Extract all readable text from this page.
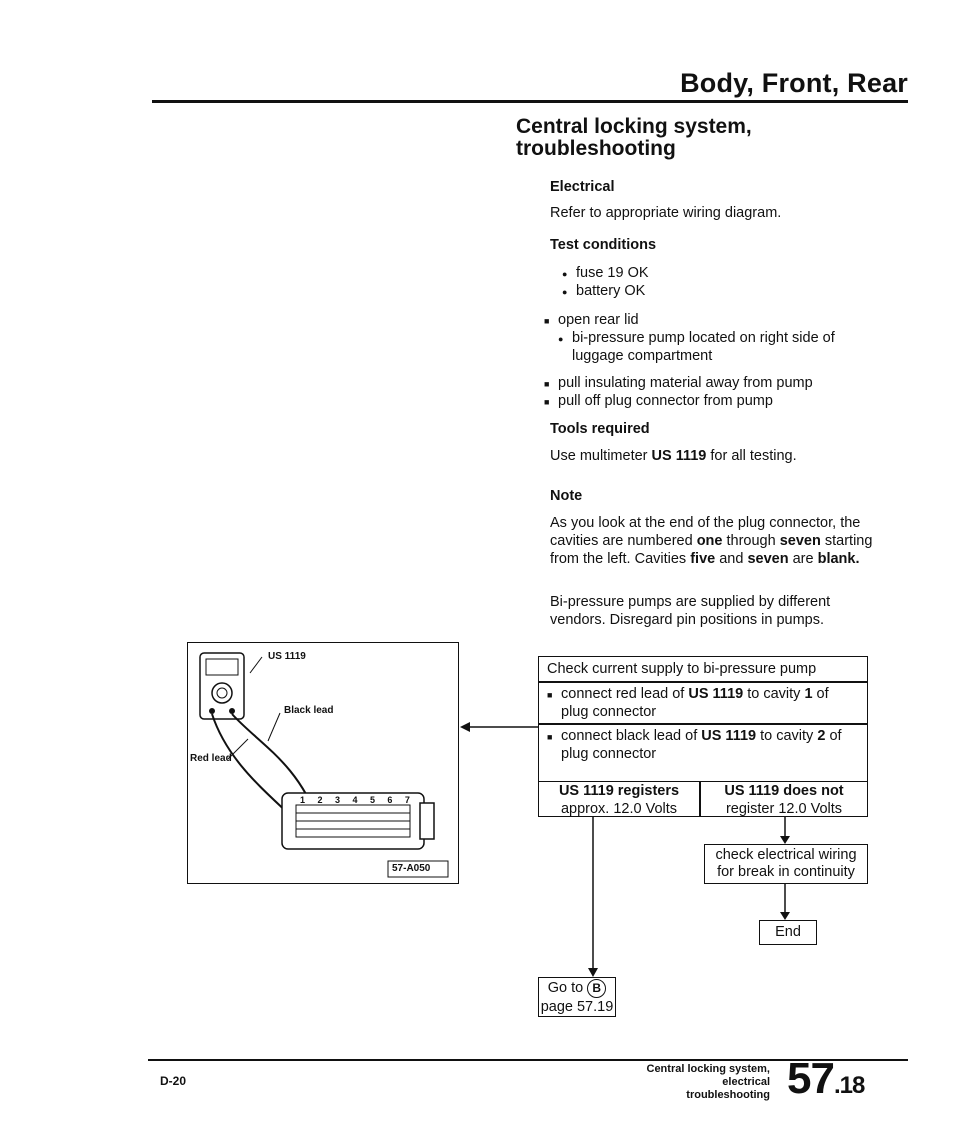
Body, Front, Rear
Central locking system,
troubleshooting
Electrical
Refer to appropriate wiring diagram.
Test conditions
● fuse 19 OK
● battery OK
■ open rear lid
● bi-pressure pump located on right side of
luggage compartment
■ pull insulating material away from pump
■ pull off plug connector from pump
Tools required
Use multimeter US 1119 for all testing.
Note
As you look at the end of the plug connector, the cavities are numbered one through seven starting from the left. Cavities five and seven are blank.
Bi-pressure pumps are supplied by different vendors. Disregard pin positions in pumps.
Check current supply to bi-pressure pump
■ connect red lead of US 1119 to cavity 1 of plug connector
■ connect black lead of US 1119 to cavity 2 of plug connector
US 1119 registers
approx. 12.0 Volts
US 1119 does not
register 12.0 Volts
check electrical wiring
for break in continuity
End
Go to B
page 57.19
US 1119
Black lead
Red lead
1 2 3 4 5 6 7
57-A050
D-20
Central locking system,
electrical troubleshooting 57.18
